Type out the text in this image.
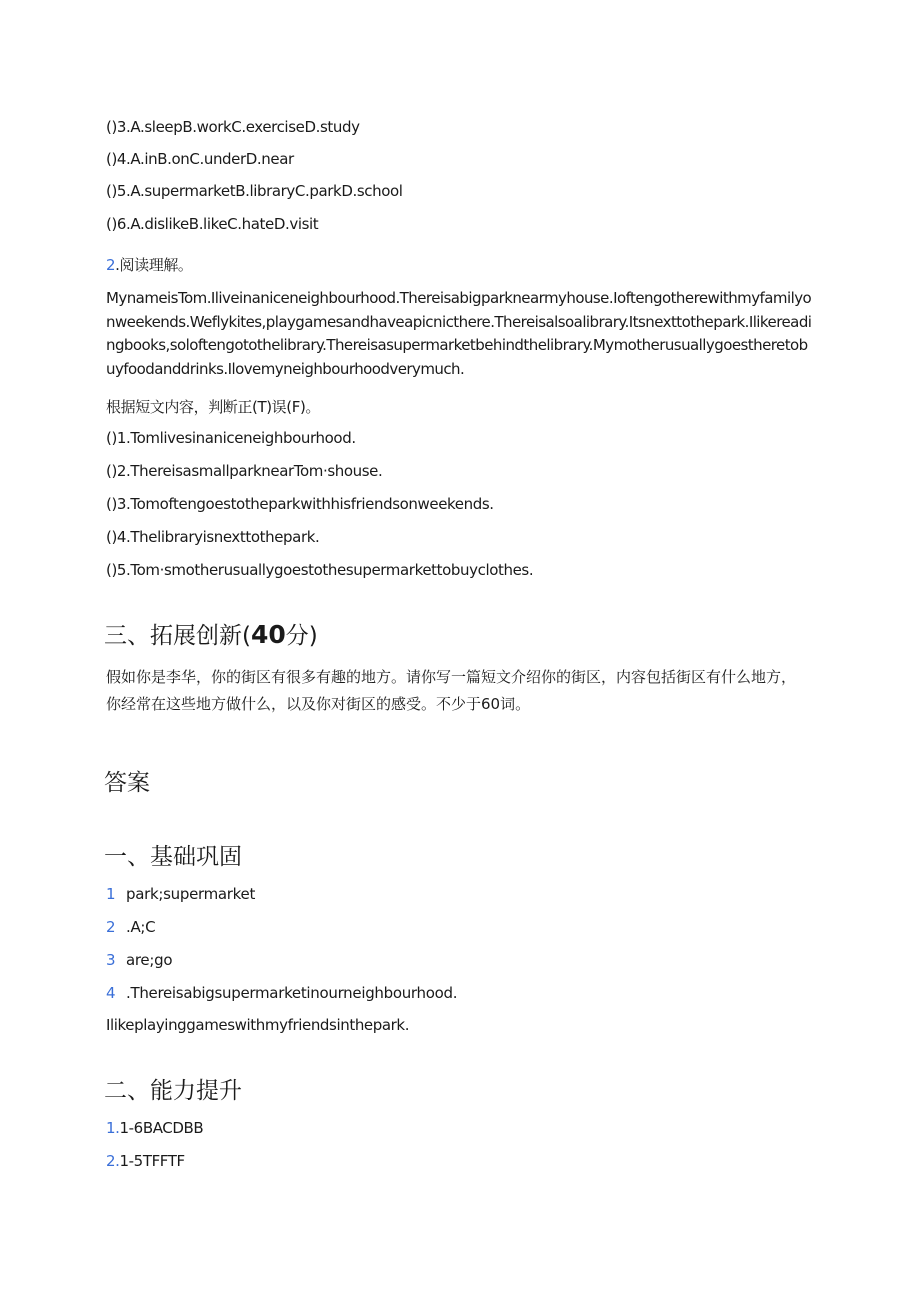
()3.A.sleepB.workC.exerciseD.study
()4.A.inB.onC.underD.near
()5.A.supermarketB.libraryC.parkD.school
()6.A.dislikeB.likeC.hateD.visit
2.阅读理解。
MynameisTom.Iliveinaniceneighbourhood.Thereisabigparknearmyhouse.Ioftengotherewithmyfamilyonweekends.Weflykites,playgamesandhaveapicnicthere.Thereisalsoalibrary.Itsnexttothepark.Ilikereadingbooks,soloftengotothelibrary.Thereisasupermarketbehindthelibrary.Mymotherusuallygoestheretobuyfoodanddrinks.Ilovemyneighbourhoodverymuch.
根据短文内容，判断正(T)误(F)。
()1.Tomlivesinaniceneighbourhood.
()2.ThereisasmallparknearTom·shouse.
()3.Tomoftengoestotheparkwithhisfriendsonweekends.
()4.Thelibraryisnexttothepark.
()5.Tom·smotherusuallygoestothesupermarkettobuyclothes.
三、拓展创新(40分)
假如你是李华，你的街区有很多有趣的地方。请你写一篇短文介绍你的街区，内容包括街区有什么地方，你经常在这些地方做什么，以及你对街区的感受。不少于60词。
答案
一、基础巩固
1 park;supermarket
2 .A;C
3 are;go
4 .Thereisabigsupermarketinourneighbourhood.
Ilikeplayinggameswithmyfriendsinthepark.
二、能力提升
1.1-6BACDBB
2.1-5TFFTF
